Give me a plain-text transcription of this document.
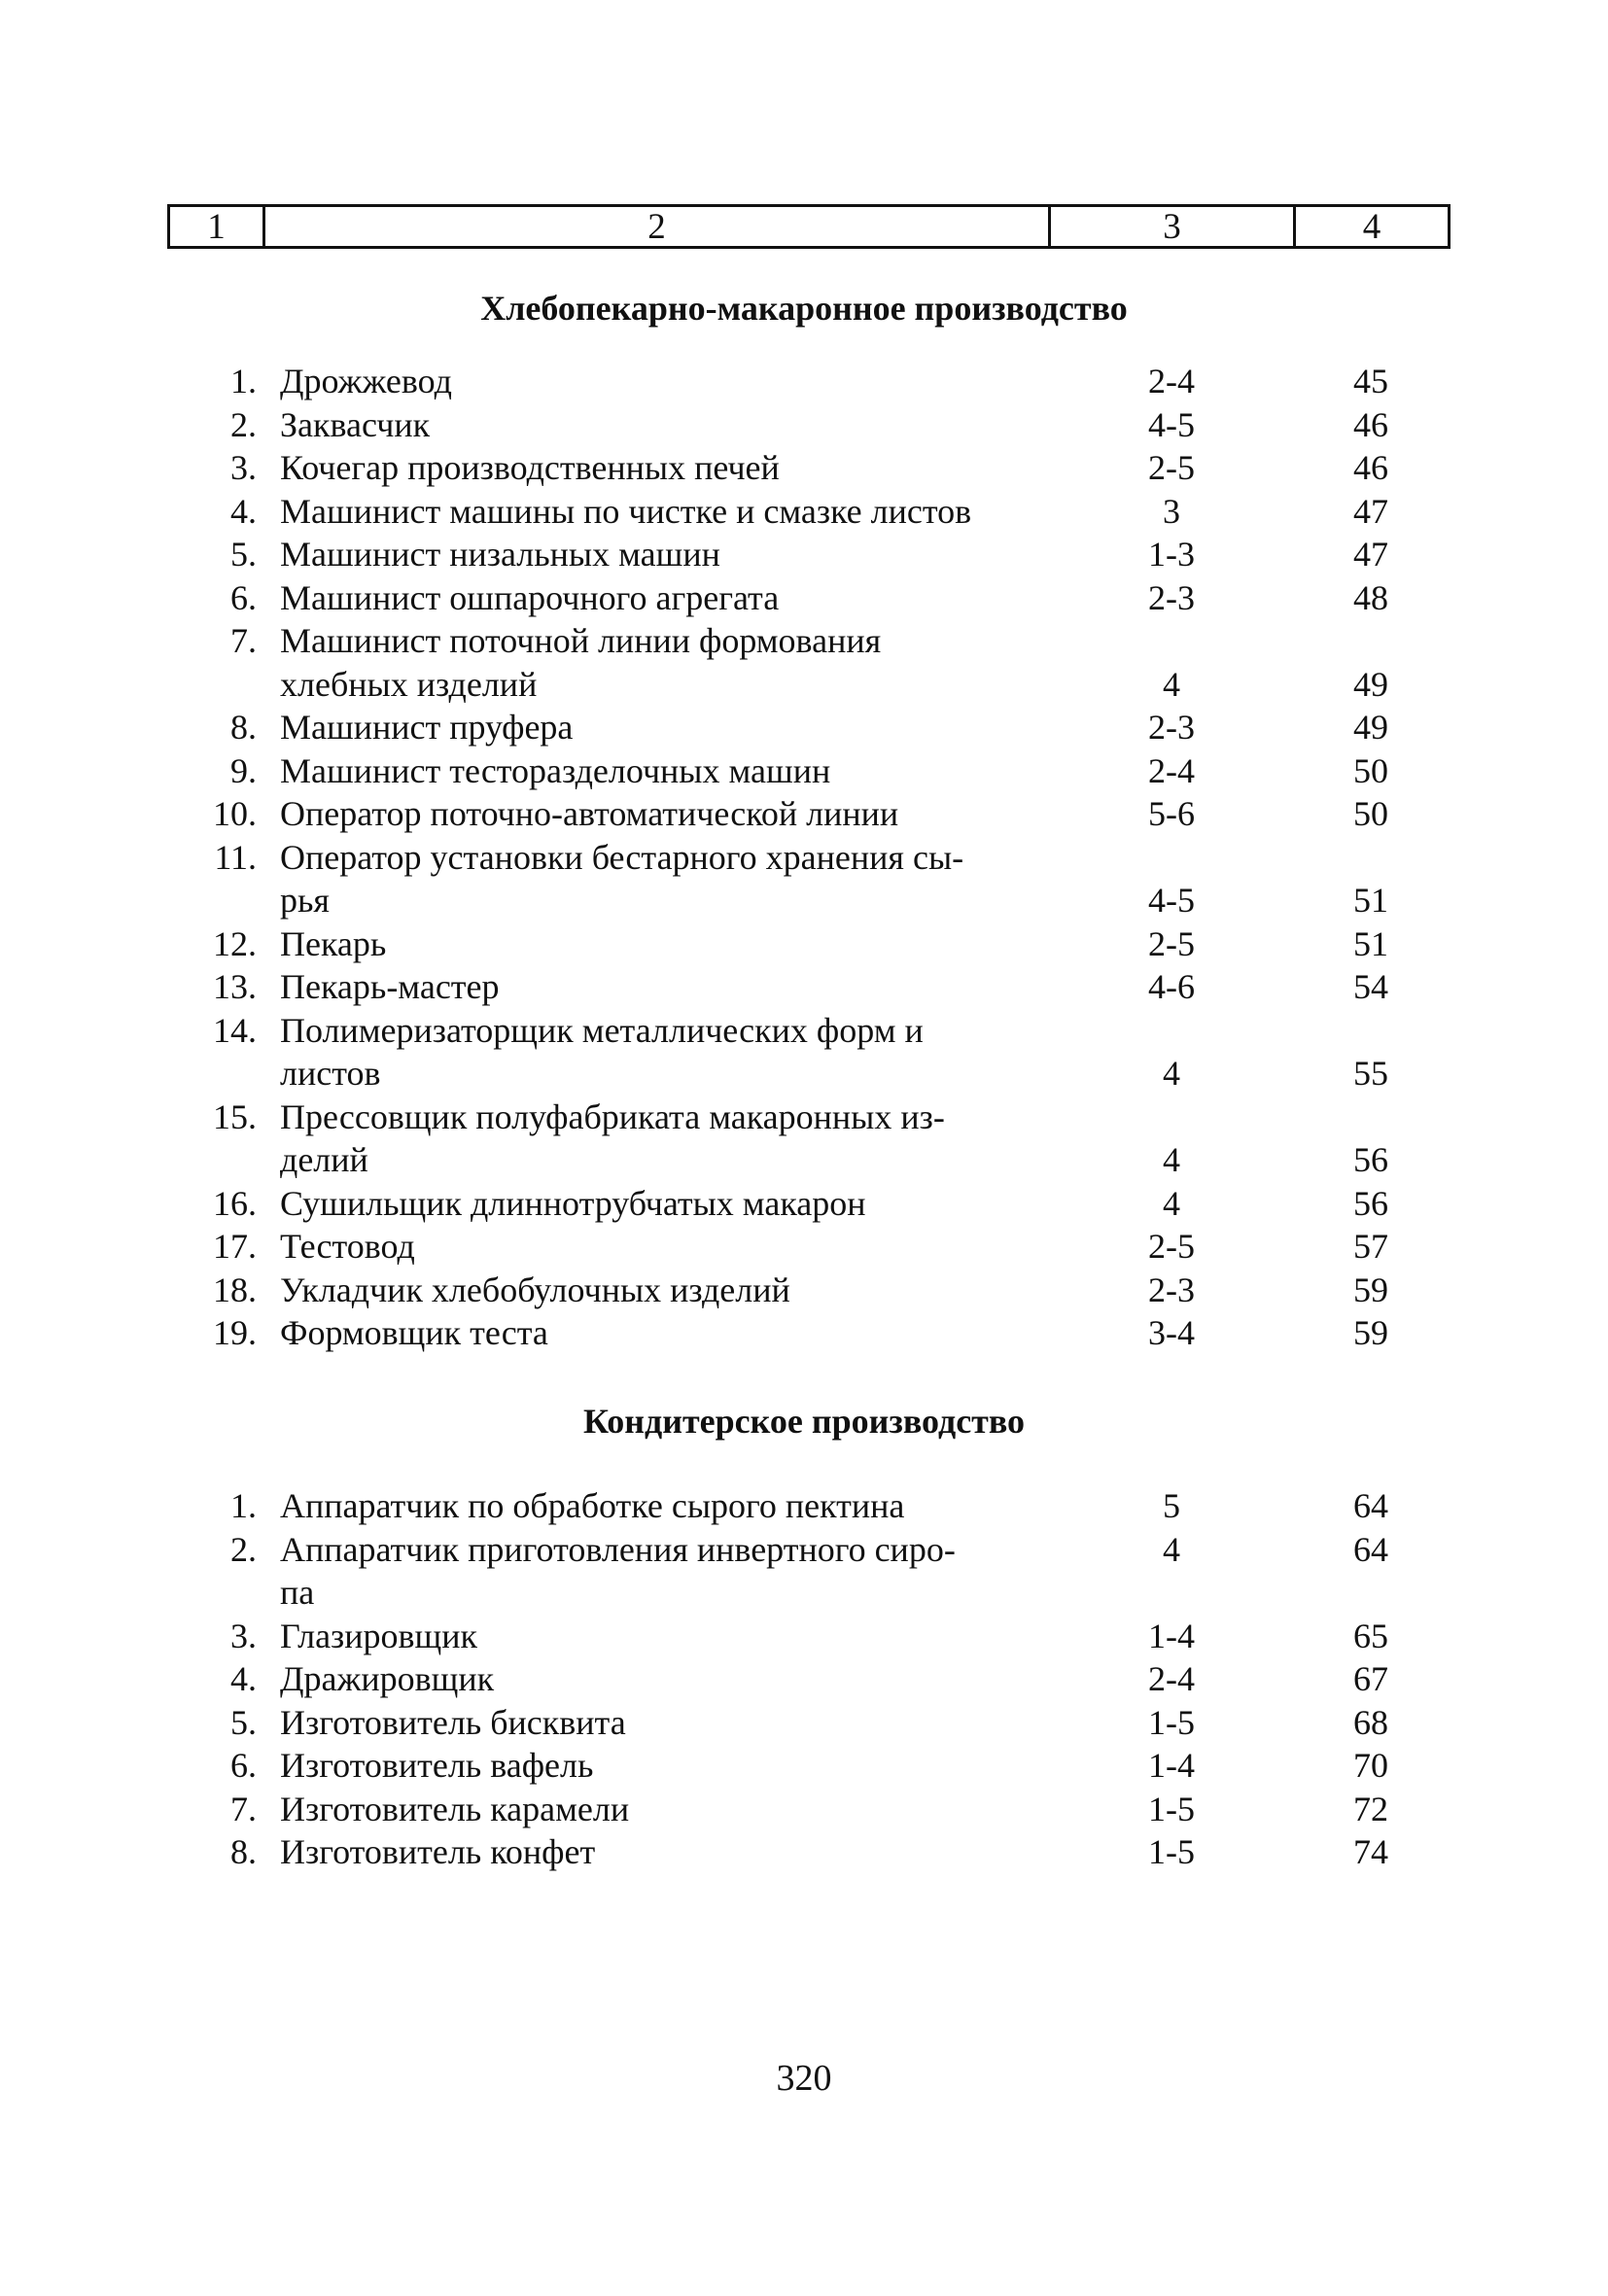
1	2	3	4
Хлебопекарно-макаронное производство
1. Дрожжевод	2-4	45
2. Заквасчик	4-5	46
3. Кочегар производственных печей	2-5	46
4. Машинист машины по чистке и смазке листов	3	47
5. Машинист низальных машин	1-3	47
6. Машинист ошпарочного агрегата	2-3	48
7. Машинист поточной линии формования
хлебных изделий	4	49
8. Машинист пруфера	2-3	49
9. Машинист тесторазделочных машин	2-4	50
10. Оператор поточно-автоматической линии	5-6	50
11. Оператор установки бестарного хранения сы-
рья	4-5	51
12. Пекарь	2-5	51
13. Пекарь-мастер	4-6	54
14. Полимеризаторщик металлических форм и
листов	4	55
15. Прессовщик полуфабриката макаронных из-
делий	4	56
16. Сушильщик длиннотрубчатых макарон	4	56
17. Тестовод	2-5	57
18. Укладчик хлебобулочных изделий	2-3	59
19. Формовщик теста	3-4	59
Кондитерское производство
1. Аппаратчик по обработке сырого пектина	5	64
2. Аппаратчик приготовления инвертного сиро-	4	64
па
3. Глазировщик	1-4	65
4. Дражировщик	2-4	67
5. Изготовитель бисквита	1-5	68
6. Изготовитель вафель	1-4	70
7. Изготовитель карамели	1-5	72
8. Изготовитель конфет	1-5	74
320
